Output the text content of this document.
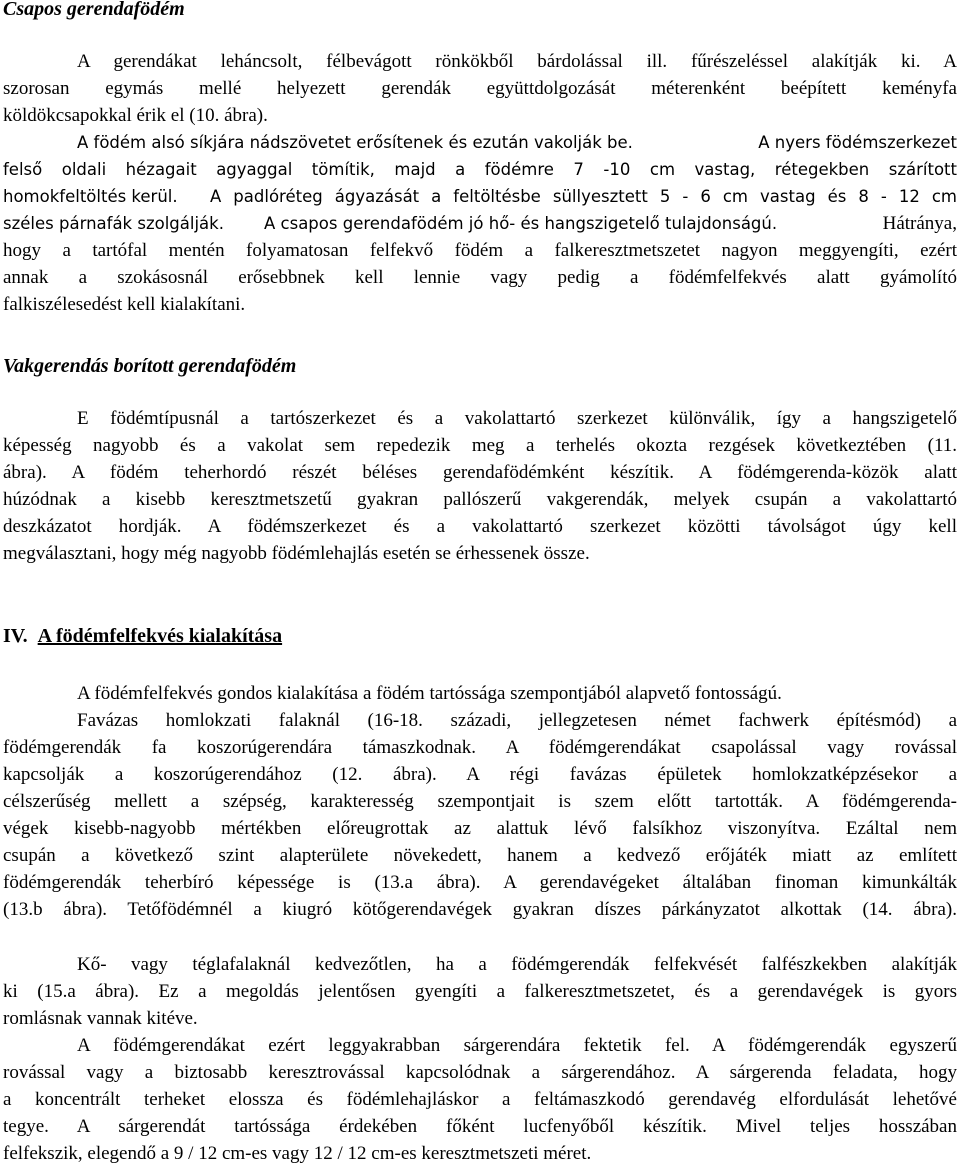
Csapos gerendafödém
A gerendákat leháncsolt, félbevágott rönkökből bárdolással ill. fűrészeléssel alakítják ki. A
szorosan egymás mellé helyezett gerendák együttdolgozását méterenként beépített keményfa
köldökcsapokkal érik el (10. ábra).
A födém alsó síkjára nádszövetet erősítenek és ezután vakolják be.	A nyers födémszerkezet
felső oldali hézagait agyaggal tömítik, majd a födémre 7 -10 cm vastag, rétegekben szárított
homokfeltöltés kerül. A padlóréteg ágyazását a feltöltésbe süllyesztett 5 - 6 cm vastag és 8 - 12 cm
széles párnafák szolgálják. A csapos gerendafödém jó hő- és hangszigetelő tulajdonságú.	Hátránya,
hogy a tartófal mentén folyamatosan felfekvő födém a falkeresztmetszetet nagyon meggyengíti, ezért
annak a szokásosnál erősebbnek kell lennie vagy pedig a födémfelfekvés alatt gyámolító
falkiszélesedést kell kialakítani.
Vakgerendás borított gerendafödém
E födémtípusnál a tartószerkezet és a vakolattartó szerkezet különválik, így a hangszigetelő
képesség nagyobb és a vakolat sem repedezik meg a terhelés okozta rezgések következtében (11.
ábra). A födém teherhordó részét béléses gerendafödémként készítik. A födémgerenda-közök alatt
húzódnak a kisebb keresztmetszetű gyakran pallószerű vakgerendák, melyek csupán a vakolattartó
deszkázatot hordják. A födémszerkezet és a vakolattartó szerkezet közötti távolságot úgy kell
megválasztani, hogy még nagyobb födémlehajlás esetén se érhessenek össze.
IV. A födémfelfekvés kialakítása
A födémfelfekvés gondos kialakítása a födém tartóssága szempontjából alapvető fontosságú.
Favázas homlokzati falaknál (16-18. századi, jellegzetesen német fachwerk építésmód) a
födémgerendák fa koszorúgerendára támaszkodnak. A födémgerendákat csapolással vagy rovással
kapcsolják a koszorúgerendához (12. ábra). A régi favázas épületek homlokzatképzésekor a
célszerűség mellett a szépség, karakteresség szempontjait is szem előtt tartották. A födémgerenda-
végek kisebb-nagyobb mértékben előreugrottak az alattuk lévő falsíkhoz viszonyítva. Ezáltal nem
csupán a következő szint alapterülete növekedett, hanem a kedvező erőjáték miatt az említett
födémgerendák teherbíró képessége is (13.a ábra). A gerendavégeket általában finoman kimunkálták
(13.b ábra). Tetőfödémnél a kiugró kötőgerendavégek gyakran díszes párkányzatot alkottak (14. ábra).
Kő- vagy téglafalaknál kedvezőtlen, ha a födémgerendák felfekvését falfészkekben alakítják
ki (15.a ábra). Ez a megoldás jelentősen gyengíti a falkeresztmetszetet, és a gerendavégek is gyors
romlásnak vannak kitéve.
A födémgerendákat ezért leggyakrabban sárgerendára fektetik fel. A födémgerendák egyszerű
rovással vagy a biztosabb keresztrovással kapcsolódnak a sárgerendához. A sárgerenda feladata, hogy
a koncentrált terheket elossza és födémlehajláskor a feltámaszkodó gerendavég elfordulását lehetővé
tegye. A sárgerendát tartóssága érdekében főként lucfenyőből készítik. Mivel teljes hosszában
felfekszik, elegendő a 9 / 12 cm-es vagy 12 / 12 cm-es keresztmetszeti méret.
